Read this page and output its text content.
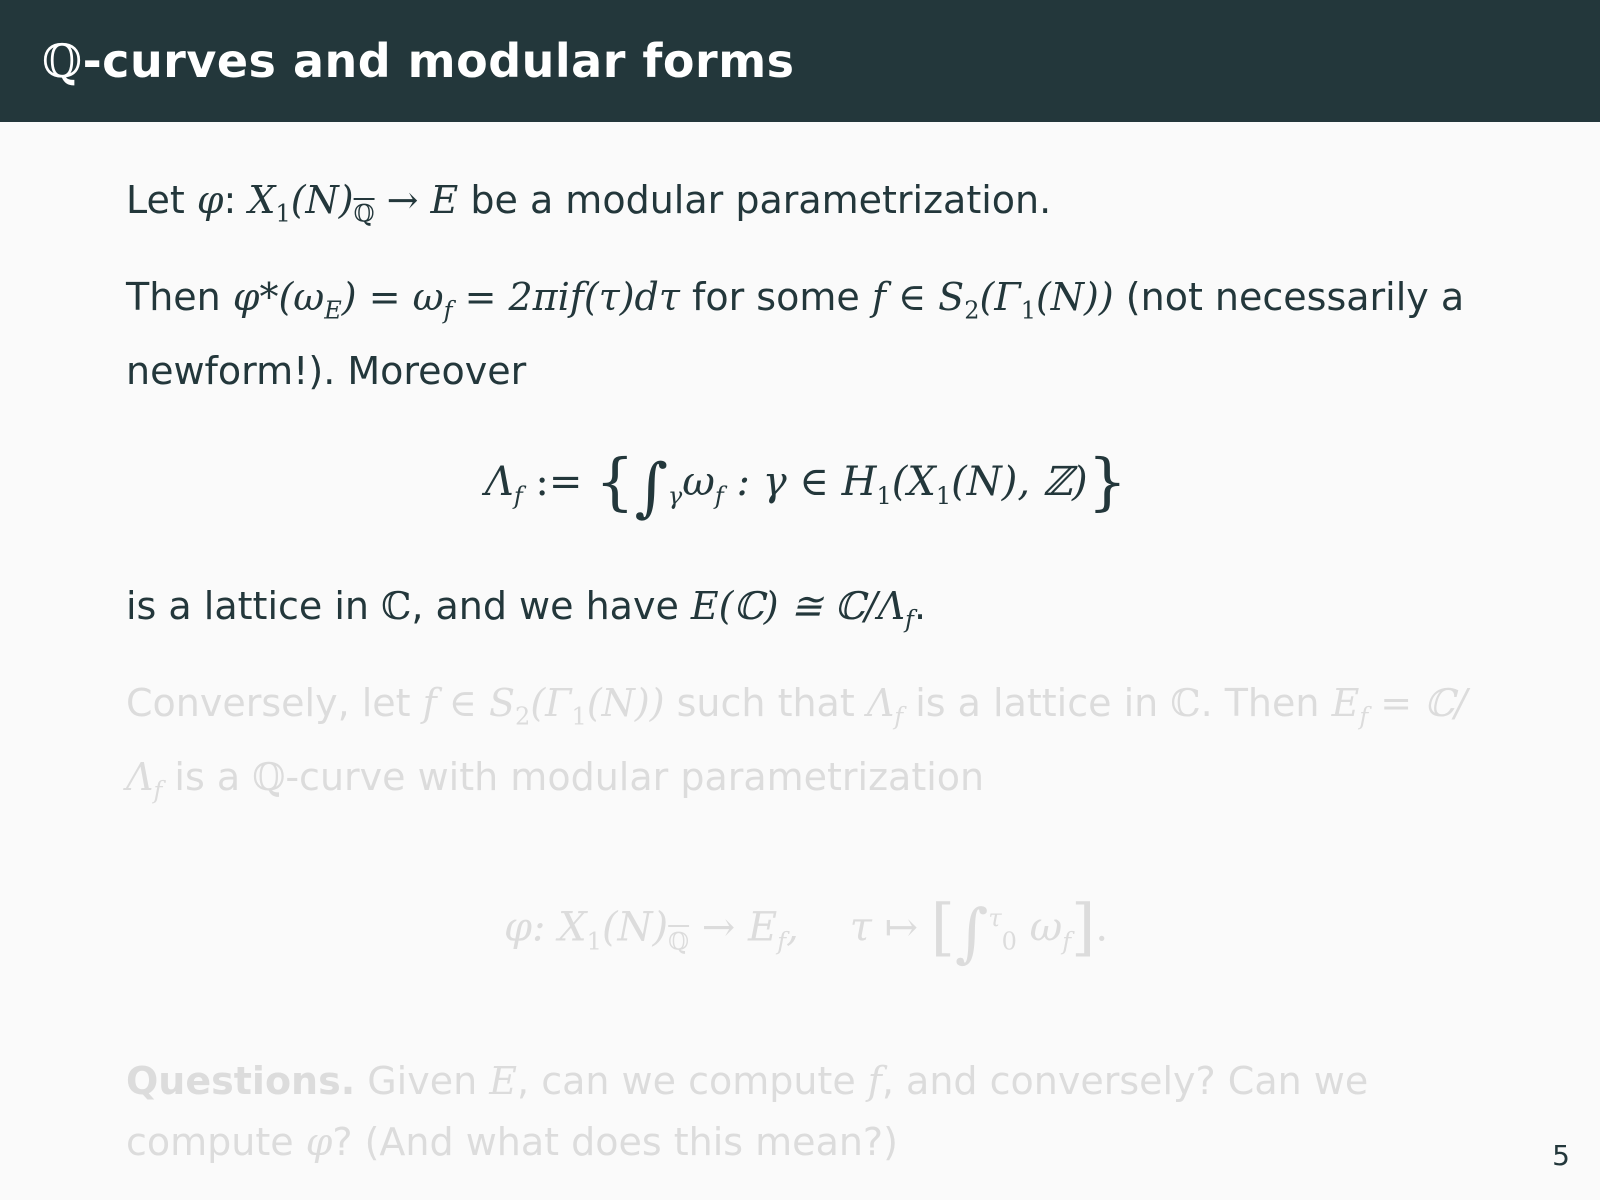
ℚ -curves and modular forms

Let φ: $X_1(N)_ℚ \to E$ be a modular parametrization.

Then $\varphi*(\omega_E) = \omega_f = 2\pi if(\tau)d\tau$ for some f ∈ $S_2(\Gamma_1(N))$ (not necessarily a newform!). Moreover

$\Lambda_f$ := {$\int_\gamma\omega_f$ : γ ∈ $H_1(X_1(N)$, ℤ)}

is a lattice in ℂ, and we have E(ℂ) ≅ $ℂ/\Lambda_f$.

Conversely, let f ∈ $S_2(\Gamma_1(N))$ such that $\Lambda_f$ is a lattice in ℂ. Then $E_f$ = $ℂ/\Lambda_f$ is a ℚ-curve with modular parametrization

φ: $X_1(N)_ℚ \to E_f$, τ ↦ [∫$^\tau_0$ $\omega_f$].

Questions. Given E, can we compute f, and conversely? Can we compute φ? (And what does this mean?)	5
